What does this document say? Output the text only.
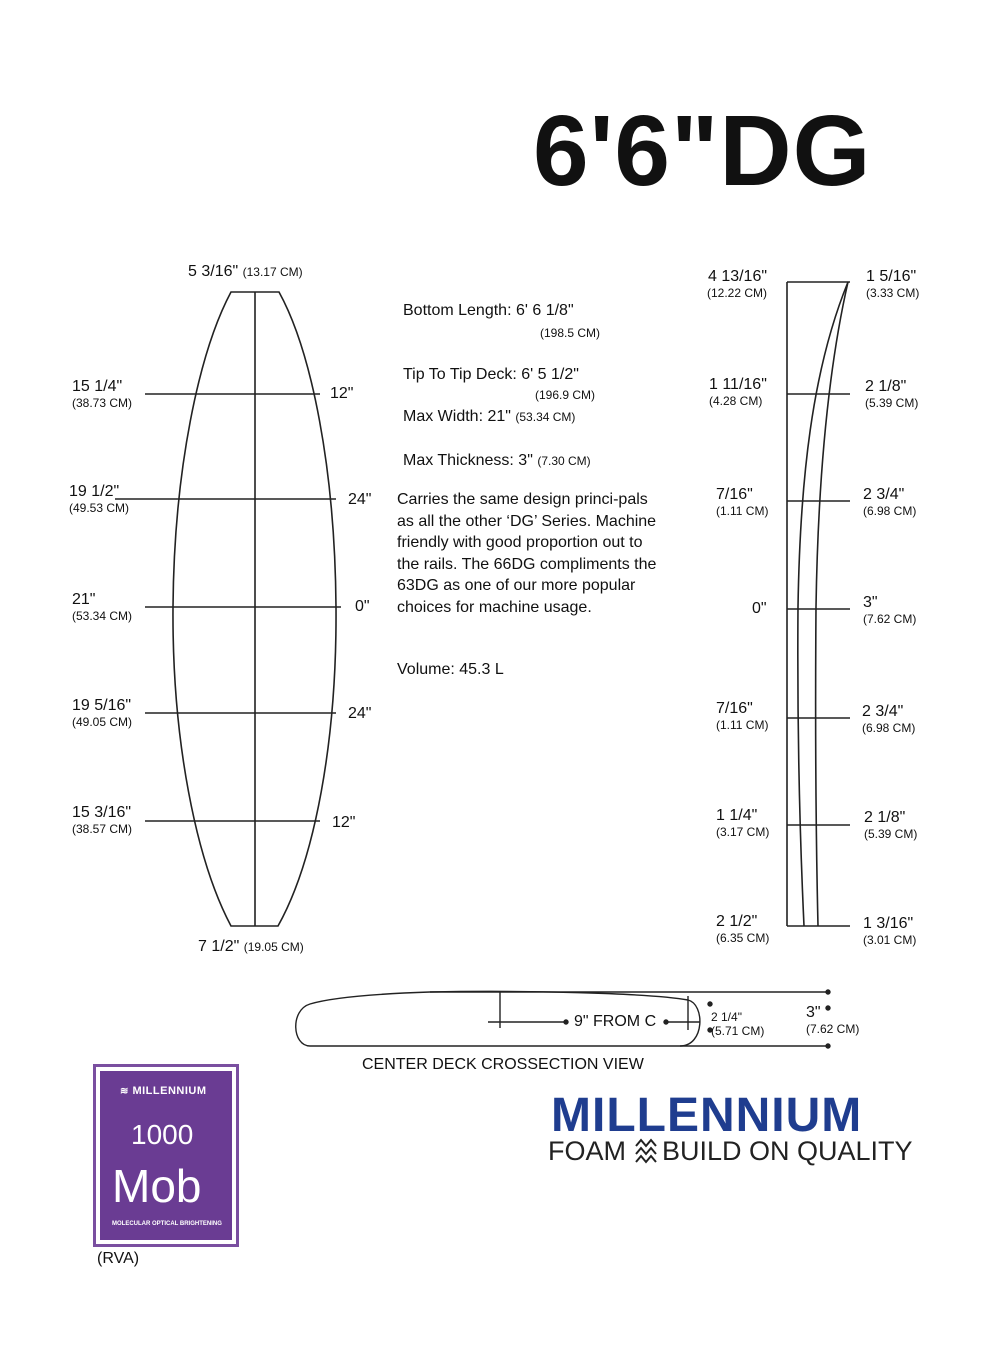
6'6"DG
5 3/16" (13.17 CM)
7 1/2" (19.05 CM)
15 1/4"
(38.73 CM)
12"
19 1/2"
(49.53 CM)	24"
21"
(53.34 CM)
0"
19 5/16"
(49.05 CM)	24"
15 3/16"
(38.57 CM)	12"
Bottom Length: 6' 6 1/8"
(198.5 CM)
Tip To Tip Deck: 6' 5 1/2"
(196.9 CM)
Max Width: 21" (53.34 CM)
Max Thickness: 3" (7.30 CM)
Carries the same design princi-pals as all the other ‘DG’ Series. Machine friendly with good proportion out to the rails. The 66DG compliments the 63DG as one of our more popular choices for machine usage.
Volume: 45.3 L
4 13/16"
(12.22 CM)
1 11/16"
(4.28 CM)
7/16"
(1.11 CM)
0"
7/16"
(1.11 CM)
1 1/4"
(3.17 CM)
2 1/2"
(6.35 CM)
1 5/16"
(3.33 CM)
2 1/8"
(5.39 CM)
2 3/4"
(6.98 CM)
3"
(7.62 CM)
2 3/4"
(6.98 CM)
2 1/8"
(5.39 CM)
1 3/16"
(3.01 CM)
9" FROM C	2 1/4"
(5.71 CM)
3"
(7.62 CM)
CENTER DECK CROSSECTION VIEW
≋ MILLENNIUM
1000
Mob
MOLECULAR OPTICAL BRIGHTENING
(RVA)
MILLENNIUM
FOAM BUILD ON QUALITY
